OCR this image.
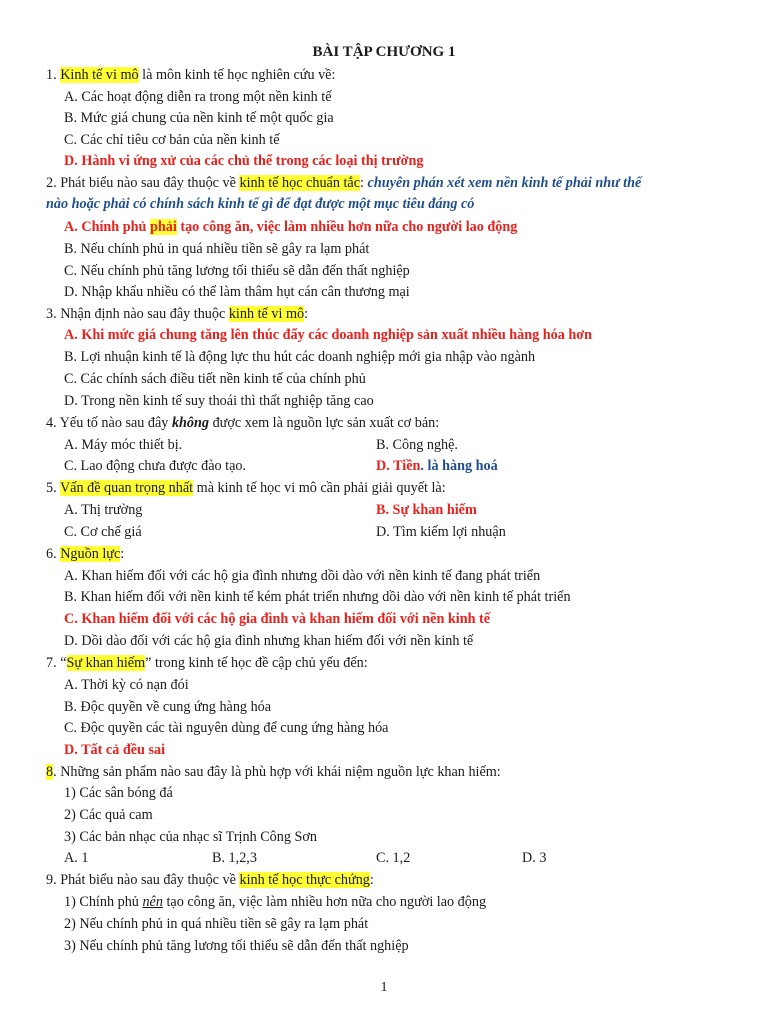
BÀI TẬP CHƯƠNG 1
1. Kinh tế vi mô là môn kinh tế học nghiên cứu về:
A. Các hoạt động diễn ra trong một nền kinh tế
B. Mức giá chung của nền kinh tế một quốc gia
C. Các chỉ tiêu cơ bản của nền kinh tế
D. Hành vi ứng xử của các chủ thể trong các loại thị trường
2. Phát biểu nào sau đây thuộc về kinh tế học chuẩn tắc: chuyên phán xét xem nền kinh tế phải như thế
nào hoặc phải có chính sách kinh tế gì để đạt được một mục tiêu đáng có
A. Chính phủ phải tạo công ăn, việc làm nhiều hơn nữa cho người lao động
B. Nếu chính phủ in quá nhiều tiền sẽ gây ra lạm phát
C. Nếu chính phủ tăng lương tối thiểu sẽ dẫn đến thất nghiệp
D. Nhập khẩu nhiều có thể làm thâm hụt cán cân thương mại
3. Nhận định nào sau đây thuộc kinh tế vi mô:
A. Khi mức giá chung tăng lên thúc đẩy các doanh nghiệp sản xuất nhiều hàng hóa hơn
B. Lợi nhuận kinh tế là động lực thu hút các doanh nghiệp mới gia nhập vào ngành
C. Các chính sách điều tiết nền kinh tế của chính phủ
D. Trong nền kinh tế suy thoái thì thất nghiệp tăng cao
4. Yếu tố nào sau đây không được xem là nguồn lực sản xuất cơ bản:
A. Máy móc thiết bị.	B. Công nghệ.
C. Lao động chưa được đào tạo.	D. Tiền. là hàng hoá
5. Vấn đề quan trọng nhất mà kinh tế học vi mô cần phải giải quyết là:
A. Thị trường	B. Sự khan hiếm
C. Cơ chế giá	D. Tìm kiếm lợi nhuận
6. Nguồn lực:
A. Khan hiếm đối với các hộ gia đình nhưng dồi dào với nền kinh tế đang phát triển
B. Khan hiếm đối với nền kinh tế kém phát triển nhưng dồi dào với nền kinh tế phát triển
C. Khan hiếm đối với các hộ gia đình và khan hiếm đối với nền kinh tế
D. Dồi dào đối với các hộ gia đình nhưng khan hiếm đối với nền kinh tế
7. “Sự khan hiếm” trong kinh tế học đề cập chủ yếu đến:
A. Thời kỳ có nạn đói
B. Độc quyền về cung ứng hàng hóa
C. Độc quyền các tài nguyên dùng để cung ứng hàng hóa
D. Tất cả đều sai
8. Những sản phẩm nào sau đây là phù hợp với khái niệm nguồn lực khan hiếm:
1) Các sân bóng đá
2) Các quả cam
3) Các bản nhạc của nhạc sĩ Trịnh Công Sơn
A. 1	B. 1,2,3	C. 1,2	D. 3
9. Phát biểu nào sau đây thuộc về kinh tế học thực chứng:
1) Chính phủ nên tạo công ăn, việc làm nhiều hơn nữa cho người lao động
2) Nếu chính phủ in quá nhiều tiền sẽ gây ra lạm phát
3) Nếu chính phủ tăng lương tối thiểu sẽ dẫn đến thất nghiệp
1
